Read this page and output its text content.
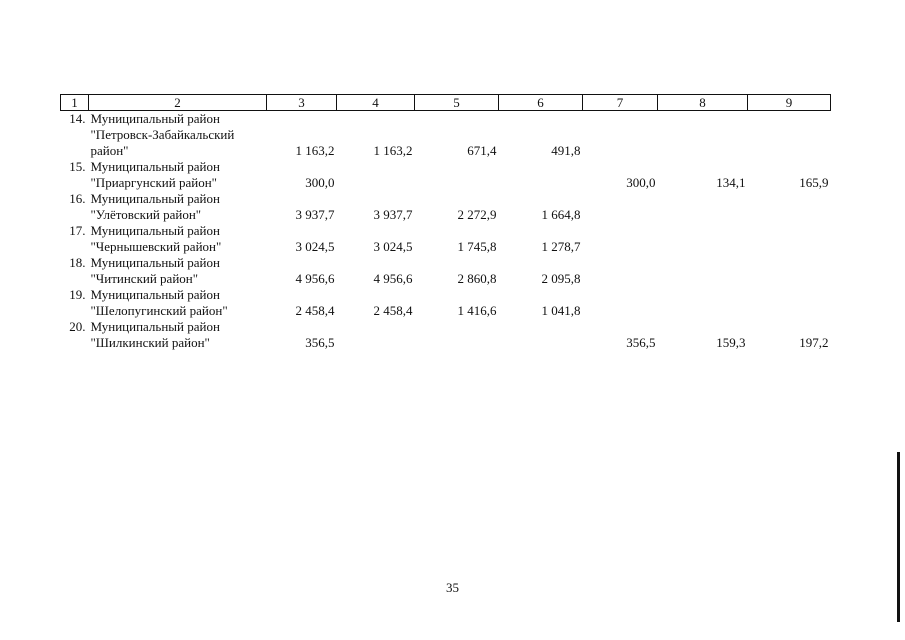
1	2	3	4	5	6	7	8	9
14.	Муниципальный район
"Петровск-Забайкальский
район"	1 163,2	1 163,2	671,4	491,8			
15.	Муниципальный район
"Приаргунский район"	300,0				300,0	134,1	165,9
16.	Муниципальный район
"Улётовский район"	3 937,7	3 937,7	2 272,9	1 664,8			
17.	Муниципальный район
"Чернышевский район"	3 024,5	3 024,5	1 745,8	1 278,7			
18.	Муниципальный район
"Читинский район"	4 956,6	4 956,6	2 860,8	2 095,8			
19.	Муниципальный район
"Шелопугинский район"	2 458,4	2 458,4	1 416,6	1 041,8			
20.	Муниципальный район
"Шилкинский район"	356,5				356,5	159,3	197,2
35
